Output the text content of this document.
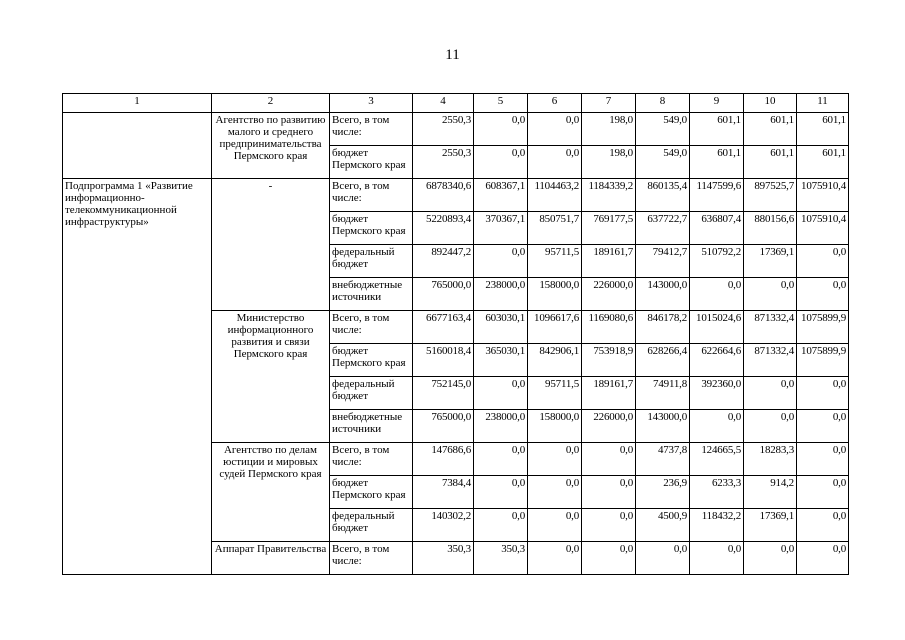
11
1	2	3	4	5	6	7	8	9	10	11
	Агентство по развитию малого и среднего предпринимательства Пермского края	Всего, в том числе:	2550,3	0,0	0,0	198,0	549,0	601,1	601,1	601,1
		бюджет Пермского края	2550,3	0,0	0,0	198,0	549,0	601,1	601,1	601,1
Подпрограмма 1 «Развитие информационно-телекоммуникационной инфраструктуры»	-	Всего, в том числе:	6878340,6	608367,1	1104463,2	1184339,2	860135,4	1147599,6	897525,7	1075910,4
		бюджет Пермского края	5220893,4	370367,1	850751,7	769177,5	637722,7	636807,4	880156,6	1075910,4
		федеральный бюджет	892447,2	0,0	95711,5	189161,7	79412,7	510792,2	17369,1	0,0
		внебюджетные источники	765000,0	238000,0	158000,0	226000,0	143000,0	0,0	0,0	0,0
	Министерство информационного развития и связи Пермского края	Всего, в том числе:	6677163,4	603030,1	1096617,6	1169080,6	846178,2	1015024,6	871332,4	1075899,9
		бюджет Пермского края	5160018,4	365030,1	842906,1	753918,9	628266,4	622664,6	871332,4	1075899,9
		федеральный бюджет	752145,0	0,0	95711,5	189161,7	74911,8	392360,0	0,0	0,0
		внебюджетные источники	765000,0	238000,0	158000,0	226000,0	143000,0	0,0	0,0	0,0
	Агентство по делам юстиции и мировых судей Пермского края	Всего, в том числе:	147686,6	0,0	0,0	0,0	4737,8	124665,5	18283,3	0,0
		бюджет Пермского края	7384,4	0,0	0,0	0,0	236,9	6233,3	914,2	0,0
		федеральный бюджет	140302,2	0,0	0,0	0,0	4500,9	118432,2	17369,1	0,0
	Аппарат Правительства	Всего, в том числе:	350,3	350,3	0,0	0,0	0,0	0,0	0,0	0,0
